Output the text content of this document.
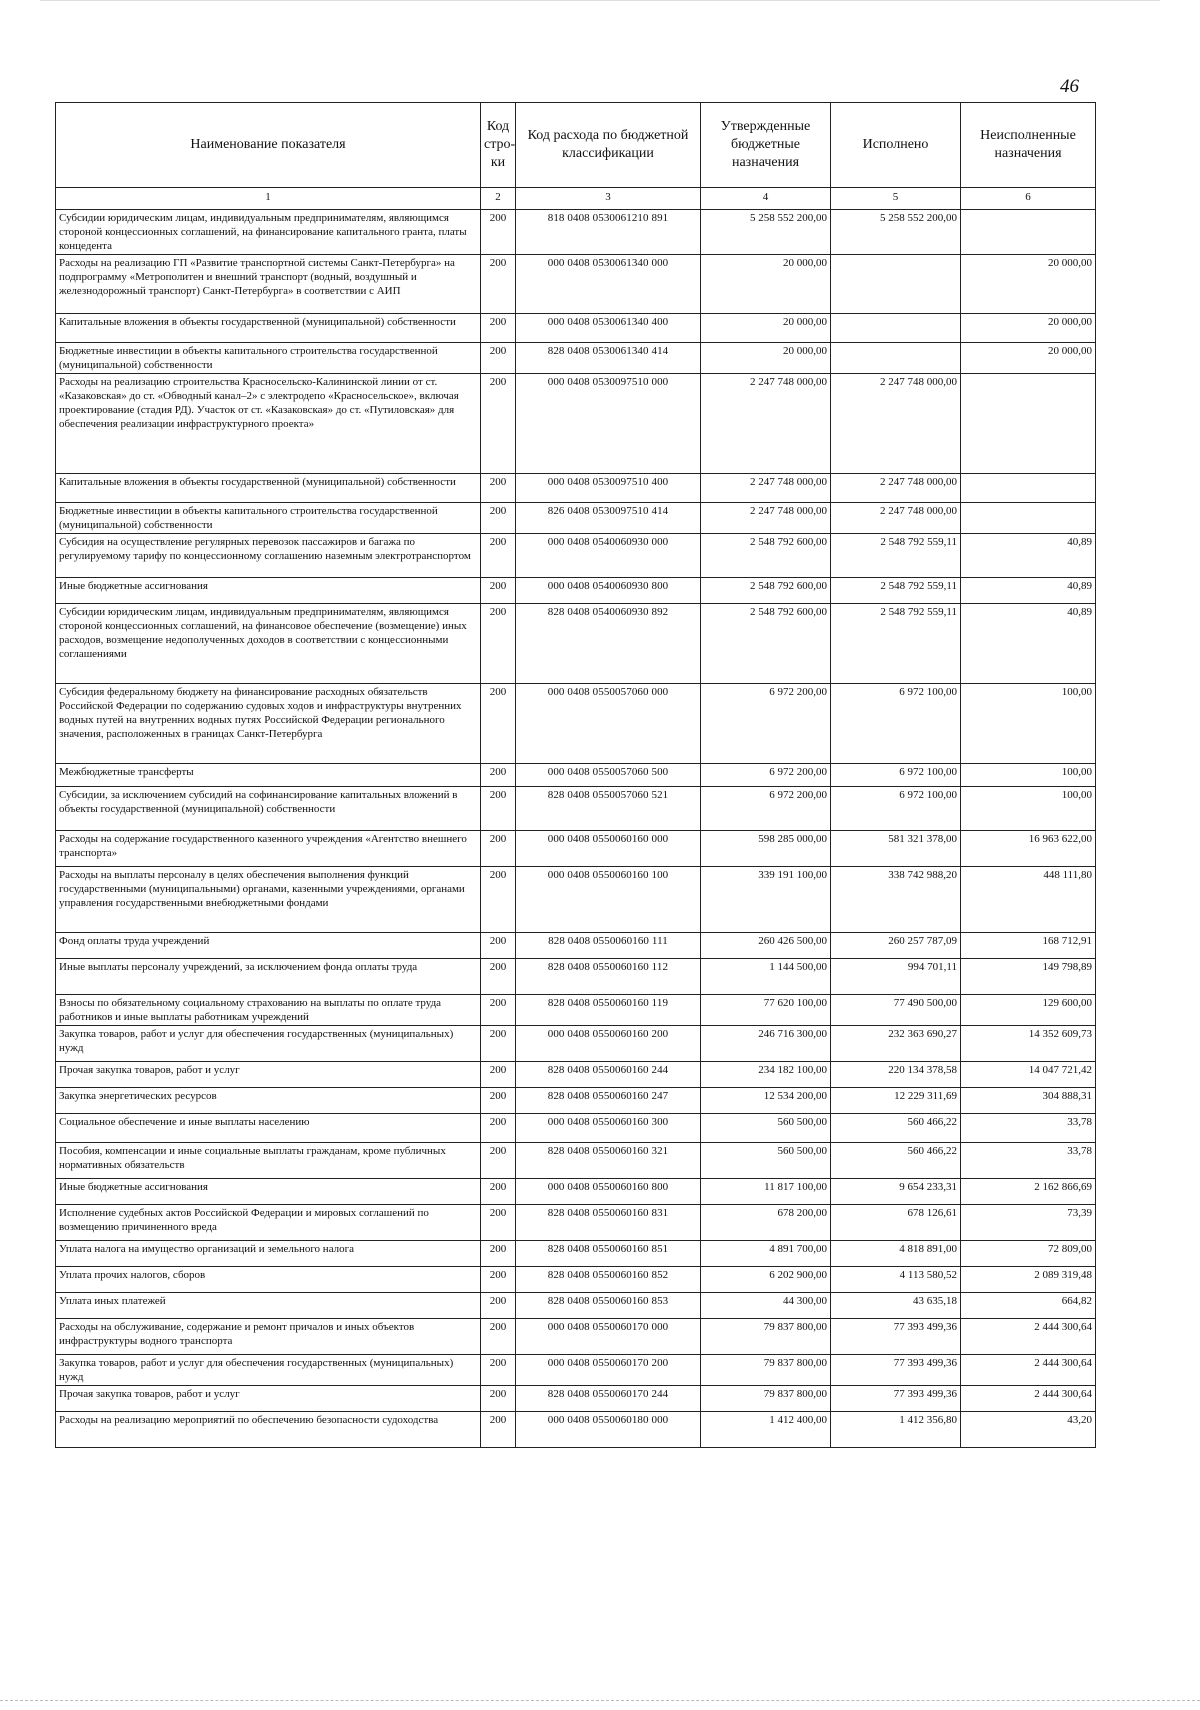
46
Наименование показателя	Код стро-ки	Код расхода по бюджетной классификации	Утвержденные бюджетные назначения	Исполнено	Неисполненные назначения
1	2	3	4	5	6
Субсидии юридическим лицам, индивидуальным предпринимателям, являющимся стороной концессионных соглашений, на финансирование капитального гранта, платы концедента	200	818 0408 0530061210 891	5 258 552 200,00	5 258 552 200,00	
Расходы на реализацию ГП «Развитие транспортной системы Санкт-Петербурга» на подпрограмму «Метрополитен и внешний транспорт (водный, воздушный и железнодорожный транспорт) Санкт-Петербурга» в соответствии с АИП	200	000 0408 0530061340 000	20 000,00		20 000,00
Капитальные вложения в объекты государственной (муниципальной) собственности	200	000 0408 0530061340 400	20 000,00		20 000,00
Бюджетные инвестиции в объекты капитального строительства государственной (муниципальной) собственности	200	828 0408 0530061340 414	20 000,00		20 000,00
Расходы на реализацию строительства Красносельско-Калининской линии от ст. «Казаковская» до ст. «Обводный канал–2» с электродепо «Красносельское», включая проектирование (стадия РД). Участок от ст. «Казаковская» до ст. «Путиловская» для обеспечения реализации инфраструктурного проекта»	200	000 0408 0530097510 000	2 247 748 000,00	2 247 748 000,00	
Капитальные вложения в объекты государственной (муниципальной) собственности	200	000 0408 0530097510 400	2 247 748 000,00	2 247 748 000,00	
Бюджетные инвестиции в объекты капитального строительства государственной (муниципальной) собственности	200	826 0408 0530097510 414	2 247 748 000,00	2 247 748 000,00	
Субсидия на осуществление регулярных перевозок пассажиров и багажа по регулируемому тарифу по концессионному соглашению наземным электротранспортом	200	000 0408 0540060930 000	2 548 792 600,00	2 548 792 559,11	40,89
Иные бюджетные ассигнования	200	000 0408 0540060930 800	2 548 792 600,00	2 548 792 559,11	40,89
Субсидии юридическим лицам, индивидуальным предпринимателям, являющимся стороной концессионных соглашений, на финансовое обеспечение (возмещение) иных расходов, возмещение недополученных доходов в соответствии с концессионными соглашениями	200	828 0408 0540060930 892	2 548 792 600,00	2 548 792 559,11	40,89
Субсидия федеральному бюджету на финансирование расходных обязательств Российской Федерации по содержанию судовых ходов и инфраструктуры внутренних водных путей на внутренних водных путях Российской Федерации регионального значения, расположенных в границах Санкт-Петербурга	200	000 0408 0550057060 000	6 972 200,00	6 972 100,00	100,00
Межбюджетные трансферты	200	000 0408 0550057060 500	6 972 200,00	6 972 100,00	100,00
Субсидии, за исключением субсидий на софинансирование капитальных вложений в объекты государственной (муниципальной) собственности	200	828 0408 0550057060 521	6 972 200,00	6 972 100,00	100,00
Расходы на содержание государственного казенного учреждения «Агентство внешнего транспорта»	200	000 0408 0550060160 000	598 285 000,00	581 321 378,00	16 963 622,00
Расходы на выплаты персоналу в целях обеспечения выполнения функций государственными (муниципальными) органами, казенными учреждениями, органами управления государственными внебюджетными фондами	200	000 0408 0550060160 100	339 191 100,00	338 742 988,20	448 111,80
Фонд оплаты труда учреждений	200	828 0408 0550060160 111	260 426 500,00	260 257 787,09	168 712,91
Иные выплаты персоналу учреждений, за исключением фонда оплаты труда	200	828 0408 0550060160 112	1 144 500,00	994 701,11	149 798,89
Взносы по обязательному социальному страхованию на выплаты по оплате труда работников и иные выплаты работникам учреждений	200	828 0408 0550060160 119	77 620 100,00	77 490 500,00	129 600,00
Закупка товаров, работ и услуг для обеспечения государственных (муниципальных) нужд	200	000 0408 0550060160 200	246 716 300,00	232 363 690,27	14 352 609,73
Прочая закупка товаров, работ и услуг	200	828 0408 0550060160 244	234 182 100,00	220 134 378,58	14 047 721,42
Закупка энергетических ресурсов	200	828 0408 0550060160 247	12 534 200,00	12 229 311,69	304 888,31
Социальное обеспечение и иные выплаты населению	200	000 0408 0550060160 300	560 500,00	560 466,22	33,78
Пособия, компенсации и иные социальные выплаты гражданам, кроме публичных нормативных обязательств	200	828 0408 0550060160 321	560 500,00	560 466,22	33,78
Иные бюджетные ассигнования	200	000 0408 0550060160 800	11 817 100,00	9 654 233,31	2 162 866,69
Исполнение судебных актов Российской Федерации и мировых соглашений по возмещению причиненного вреда	200	828 0408 0550060160 831	678 200,00	678 126,61	73,39
Уплата налога на имущество организаций и земельного налога	200	828 0408 0550060160 851	4 891 700,00	4 818 891,00	72 809,00
Уплата прочих налогов, сборов	200	828 0408 0550060160 852	6 202 900,00	4 113 580,52	2 089 319,48
Уплата иных платежей	200	828 0408 0550060160 853	44 300,00	43 635,18	664,82
Расходы на обслуживание, содержание и ремонт причалов и иных объектов инфраструктуры водного транспорта	200	000 0408 0550060170 000	79 837 800,00	77 393 499,36	2 444 300,64
Закупка товаров, работ и услуг для обеспечения государственных (муниципальных) нужд	200	000 0408 0550060170 200	79 837 800,00	77 393 499,36	2 444 300,64
Прочая закупка товаров, работ и услуг	200	828 0408 0550060170 244	79 837 800,00	77 393 499,36	2 444 300,64
Расходы на реализацию мероприятий по обеспечению безопасности судоходства	200	000 0408 0550060180 000	1 412 400,00	1 412 356,80	43,20
